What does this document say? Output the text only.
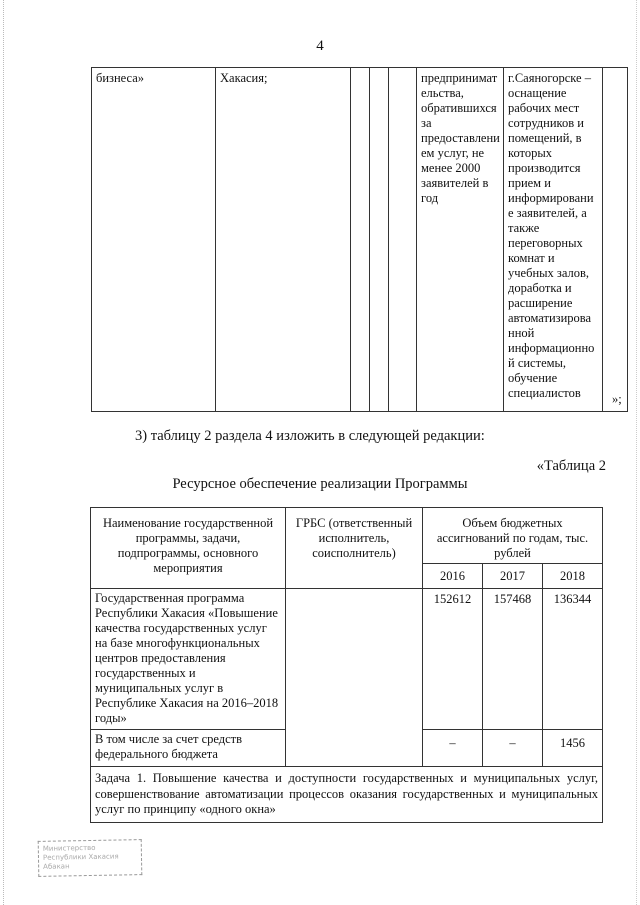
4
бизнеса»	Хакасия;				предпринимат ельства, обратившихся за предоставлени ем услуг, не менее 2000 заявителей в год	г.Саяногорске – оснащение рабочих мест сотрудников и помещений, в которых производится прием и информировани е заявителей, а также переговорных комнат и учебных залов, доработка и расширение автоматизирова нной информационно й системы, обучение специалистов		»;
3) таблицу 2 раздела 4 изложить в следующей редакции:
«Таблица 2
Ресурсное обеспечение реализации Программы
Наименование государственной программы, задачи, подпрограммы, основного мероприятия	ГРБС (ответственный исполнитель, соисполнитель)	Объем бюджетных ассигнований по годам, тыс. рублей		
		2016	2017	2018
Государственная программа Республики Хакасия «Повышение качества государственных услуг на базе многофункциональных центров предоставления государственных и муниципальных услуг в Республике Хакасия на 2016–2018 годы»		152612	157468	136344
В том числе за счет средств федерального бюджета		–	–	1456
Задача 1. Повышение качества и доступности государственных и муниципальных услуг, совершенствование автоматизации процессов оказания государственных и муниципальных услуг по принципу «одного окна»				
Министерство
Республики Хакасия
Абакан
